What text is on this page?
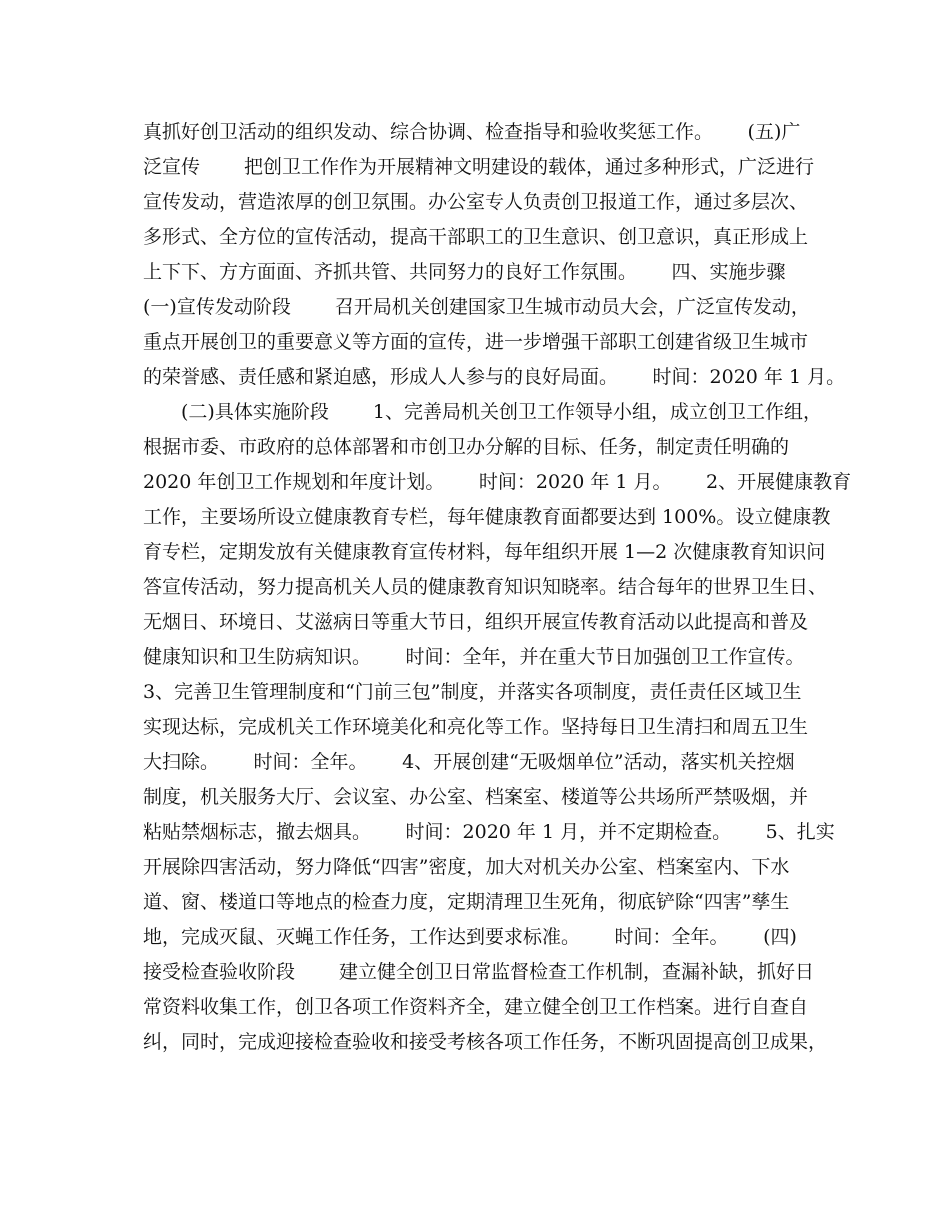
真抓好创卫活动的组织发动、综合协调、检查指导和验收奖惩工作。　　 (五)广
泛宣传　　 把创卫工作作为开展精神文明建设的载体，通过多种形式，广泛进行
宣传发动，营造浓厚的创卫氛围。办公室专人负责创卫报道工作，通过多层次、
多形式、全方位的宣传活动，提高干部职工的卫生意识、创卫意识，真正形成上
上下下、方方面面、齐抓共管、共同努力的良好工作氛围。　　 四、实施步骤
(一)宣传发动阶段　　 召开局机关创建国家卫生城市动员大会，广泛宣传发动，
重点开展创卫的重要意义等方面的宣传，进一步增强干部职工创建省级卫生城市
的荣誉感、责任感和紧迫感，形成人人参与的良好局面。　　 时间：2020 年 1 月。
　　(二)具体实施阶段　　 1、完善局机关创卫工作领导小组，成立创卫工作组，
根据市委、市政府的总体部署和市创卫办分解的目标、任务，制定责任明确的
2020 年创卫工作规划和年度计划。　　 时间：2020 年 1 月。　　 2、开展健康教育
工作，主要场所设立健康教育专栏，每年健康教育面都要达到 100%。设立健康教
育专栏，定期发放有关健康教育宣传材料，每年组织开展 1—2 次健康教育知识问
答宣传活动，努力提高机关人员的健康教育知识知晓率。结合每年的世界卫生日、
无烟日、环境日、艾滋病日等重大节日，组织开展宣传教育活动以此提高和普及
健康知识和卫生防病知识。　　 时间：全年，并在重大节日加强创卫工作宣传。
3、完善卫生管理制度和“门前三包”制度，并落实各项制度，责任责任区域卫生
实现达标，完成机关工作环境美化和亮化等工作。坚持每日卫生清扫和周五卫生
大扫除。　　 时间：全年。　　 4、开展创建“无吸烟单位”活动，落实机关控烟
制度，机关服务大厅、会议室、办公室、档案室、楼道等公共场所严禁吸烟，并
粘贴禁烟标志，撤去烟具。　　 时间：2020 年 1 月，并不定期检查。　　 5、扎实
开展除四害活动，努力降低“四害”密度，加大对机关办公室、档案室内、下水
道、窗、楼道口等地点的检查力度，定期清理卫生死角，彻底铲除“四害”孳生
地，完成灭鼠、灭蝇工作任务，工作达到要求标准。　　 时间：全年。　　 (四)
接受检查验收阶段　　 建立健全创卫日常监督检查工作机制，查漏补缺，抓好日
常资料收集工作，创卫各项工作资料齐全，建立健全创卫工作档案。进行自查自
纠，同时，完成迎接检查验收和接受考核各项工作任务，不断巩固提高创卫成果，
